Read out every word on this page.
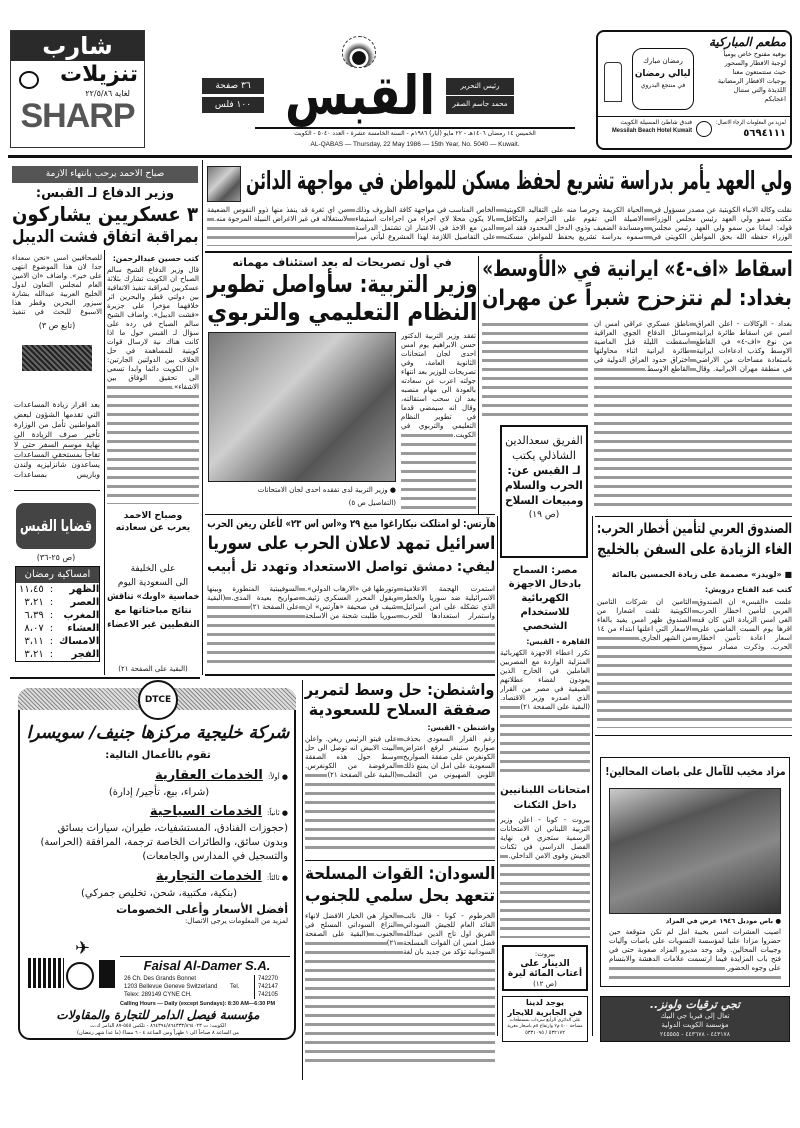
شارب
تنزيلات
لغاية ٢٢/٥/٨٦
SHARP
٣٦ صفحة
١٠٠ فلس القبس	رئيس التحرير
محمد جاسم الصقر
الخميس ١٤ رمضان ١٤٠٦هـ - ٢٢ مايو (أيار) ١٩٨٦م - السنة الخامسة عشرة - العدد ٥٠٤٠ - الكويت
AL-QABAS — Thursday, 22 May 1986 — 15th Year, No. 5040 — Kuwait.
مطعم المباركية
بوفيه مفتوح خاص يومياً
لوجبة الافطار والسحور
حيث ستتمتعون معنا
بوجبات الافطار الرمضانية
اللذيذة والتي ستنال
اعجابكم
رمضان مبارك
ليالي رمضان
في منتجع البدروي
لمزيد من المعلومات الرجاء الاتصال:
٥٦٩٤١١١
فندق شاطئ المسيلة الكويت
Messilah Beach Hotel Kuwait
ولي العهد يأمر بدراسة تشريع لحفظ مسكن للمواطن في مواجهة الدائن
نقلت وكالة الانباء الكويتية عن مصدر مسؤول في مكتب سمو ولي العهد رئيس مجلس الوزراء قوله: ايمانا من سمو ولي العهد رئيس مجلس الوزراء حفظه الله بحق المواطن الكويتي في الحياة الكريمة وحرصا منه على التقاليد الكويتية الاصيلة التي تقوم على التراحم والتكافل ومساندة الضعيف وذوي الدخل المحدود فقد امر سموه بدراسة تشريع يحفظ للمواطن مسكنه الخاص المناسب في مواجهة كافة الظروف وذلك بالا يكون محلا لاي اجراء من اجراءات استيفاء الدين مع الاخذ في الاعتبار ان تشتمل الدراسة على التفاصيل اللازمة لهذا المشروع ليأتي مبرأ من اي ثغرة قد ينفذ منها ذوو النفوس الضعيفة لاستغلاله في غير الاغراض النبيلة المرجوة منه.
صباح الاحمد يرحب بانتهاء الازمة
وزير الدفاع لـ القبس:
٣ عسكريين يشاركون
بمراقبة اتفاق فشت الديبل
كتب حسين عبدالرحمن:
قال وزير الدفاع الشيخ سالم الصباح ان الكويت تشارك بثلاثة عسكريين لمراقبة تنفيذ الاتفاقية بين دولتي قطر والبحرين اثر خلافهما مؤخرا على جزيرة «فشت الديبل». واضاف الشيخ سالم الصباح في رده على سؤال لـ القبس حول ما اذا كانت هناك نية لارسال قوات كويتية للمساهمة في حل الخلاف بين الدولتين الجارتين: «ان الكويت دائما وابدا تسعى الى تحقيق الوفاق بين الاشقاء».
للصحافيين امس «نحن سعداء جدا لان هذا الموضوع انتهى على خير». واضاف «ان الامين العام لمجلس التعاون لدول الخليج العربية عبدالله بشارة سيزور البحرين وقطر هذا الاسبوع للبحث في تنفيذ
(تابع ص ٣)
بعد اقرار زيادة المساعدات التي تقدمها الشؤون لبعض المواطنين تأمل من الوزارة تأخير صرف الزيادة الى نهاية موسم السفر حتى لا تفاجأ بمستحقي المساعدات يساعدون شانزليزيه ولندن وباريس بمساعدات
قضايا القبس
(ص ٢٥-٣٦)
امساكية رمضان
الظهر	:	١١،٤٥
العصر	:	٣،٢١
المغرب	:	٦،٣٩
العشاء	:	٨،٠٧
الامساك	:	٣،١١
الفجر	:	٣،٢١
وصباح الاحمد
يعرب عن سعادته
على الخليفة
الى السعودية اليوم
خماسية «اوبك» تناقش
نتائج مباحثاتها مع
النفطيين غير الاعضاء
(البقية على الصفحة ٢١)
في أول تصريحات له بعد استئناف مهماته
وزير التربية: سأواصل تطوير
النظام التعليمي والتربوي
تفقد وزير التربية الدكتور حسن الابراهيم يوم امس احدى لجان امتحانات الثانوية العامة، وفي تصريحات للوزير بعد انتهاء جولته اعرب عن سعادته بالعودة الى مهام منصبه بعد ان سحب استقالته، وقال انه سيمضي قدما في تطوير النظام التعليمي والتربوي في الكويت.
● وزير التربية لدى تفقده احدى لجان الامتحانات
(التفاصيل ص ٥)
اسقاط «اف-٤» ايرانية في «الأوسط»
بغداد: لم نتزحزح شبراً عن مهران
بغداد - الوكالات - اعلن العراق امس عن اسقاط طائرة ايرانية من نوع «اف-٤» في القاطع الاوسط وكذب ادعاءات ايرانية باستعادة مساحات من الاراضي في منطقة مهران الايرانية. وقال ناطق عسكري عراقي امس ان وسائل الدفاع الجوي العراقية اسقطت الليلة قبل الماضية طائرة ايرانية اثناء محاولتها اختراق حدود العراق الدولية في القاطع الاوسط.
الفريق سعدالدين
الشاذلي يكتب
لـ القبس عن:
الحرب والسلام
ومبيعات السلاح
(ص ١٩)
الصندوق العربي لتأمين أخطار الحرب:
الغاء الزيادة على السفن بالخليج
■ «لويدز» مصممة على زيادة الخمسين بالمائة
كتب عبد الفتاح درويش:
علمت «القبس» ان الصندوق العربي لتأمين اخطار الحرب الغى امس الزيادة التي كان قد اقرها يوم السبت الماضي على اسعار اعادة تأمين اخطار الحرب. وذكرت مصادر سوق التأمين ان شركات التأمين الكويتية تلقت اشعارا من الصندوق ظهر امس يفيد بالغاء الاسعار التي اعلنها ابتداء من ١٤ من الشهر الجاري.
هآرتس: لو امتلكت نيكاراغوا ميغ ٢٩ و«اس اس ٢٣» لأعلن ريغن الحرب
اسرائيل تمهد لاعلان الحرب على سوريا
ليفي: دمشق تواصل الاستعداد وتهدد تل أبيب
استمرت الهجمة الاعلامية الاسرائيلية ضد سوريا والخطر الذي تشكله على امن اسرائيل واستمرار استعدادها للحرب وتورطها في «الارهاب الدولي». ويقول المحرر العسكري زئيف شيف في صحيفة «هآرتس» ان سوريا طلبت شحنة من الاسلحة السوفييتية المتطورة وبينها صواريخ بعيدة المدى. (البقية على الصفحة ٢١)
مصر: السماح بادخال الاجهزة الكهربائية للاستخدام الشخصي
القاهرة - القبس:
تكرر اعطاء الاجهزة الكهربائية المنزلية الواردة مع المصريين العاملين في الخارج الذين يعودون لقضاء عطلاتهم الصيفية في مصر من القرار الذي اصدره وزير الاقتصاد. (البقية على الصفحة ٢١)
امتحانات اللبنانيين
داخل الثكنات
بيروت - كونا - اعلن وزير التربية اللبناني ان الامتحانات الرسمية ستجري في نهاية الفصل الدراسي في ثكنات الجيش وقوى الامن الداخلي.
بيروت:
الدينار على
أعتاب المائة ليرة
(ص ١٢)
يوجد لدينا
في الجابرية للايجار
على الدائري الرابع سرداب بمسطحات مساحة ٤٠٠ م٢ وارتفاع ٥م باسعار مغرية
٥٣٢١٧٢ / ٥٣٣١٠٩٥
واشنطن: حل وسط لتمرير
صفقة السلاح للسعودية
واشنطن - القبس:
رغم القرار السعودي بحذف صواريخ ستينغر لرفع اعتراض الكونغرس على صفقة الصواريخ السعودية على امل ان يمنع ذلك اللوبي الصهيوني من التغلب على فيتو الرئيس ريغن. واعلن البيت الابيض انه توصل الى حل وسط حول هذه الصفقة المرفوضة من الكونغرس. (البقية على الصفحة ٢١)
السودان: القوات المسلحة
تتعهد بحل سلمي للجنوب
الخرطوم - كونا - قال نائب القائد العام للجيش السوداني الفريق اول تاج الدين عبدالله فضل امس ان القوات المسلحة السودانية تؤكد من جديد بان لغة الحوار هي الخيار الافضل لانهاء النزاع السوداني المسلح في الجنوب. (البقية على الصفحة ٢١)
مزاد مخيب للآمال على باصات المحالين!
● باص موديل ١٩٤٦ عرض في المزاد
اصيب العشرات امس بخيبة امل لم تكن متوقعة حين حضروا مزادا علنيا لمؤسسة التسويات على باصات وآليات وجيبات المحالين. وقد وجد مديرو المزاد صعوبة حتى في فتح باب المزايدة فيما ارتسمت علامات الدهشة والابتسام على وجوه الحضور.
تجي ترقيات ولونز..
تعال إلى فيريا جي البيك
مؤسسة الكويت الدولية
٤٤٣١٧٨ - ٤٤٣٦٧٨ - ٢٤٥٥٥٥
DTCE
شركة خليجية مركزها جنيف/ سويسرا
تقوم بالأعمال التالية:
● أولاً: الخدمات العقارية
(شراء، بيع، تأجير/ إدارة)
● ثانياً: الخدمات السياحية
(حجوزات الفنادق، المستشفيات، طيران، سيارات بسائق وبدون سائق، والطائرات الخاصة ترجمة، المرافقة (الحراسة) والتسجيل في المدارس والجامعات)
● ثالثاً: الخدمات التجارية
(بنكية، مكتبية، شحن، تخليص جمركي)
أفضل الأسعار وأعلى الخصومات
لمزيد من المعلومات يرجى الاتصال:
✈
Faisal Al-Damer S.A.
26 Ch. Des Grands Bonnet
1203 Bellevue Geneve Switzerland
Telex: 289149 CYNE CH.
Tel.
742270
742147
742105
Calling Hours — Daily (except Sundays): 8:30 AM—6:30 PM
مؤسسة فيصل الدامر للتجارة والمقاولات
الكويت: ت ٨٦٤٣٩٤/٨٦٤٣٣٣/٨٦٤٠٢٣ - تلكس ٥٥٥-٨٧ الدامر ك.ت
من الساعة ٨ صباحاً الى ١ ظهراً ومن الساعة ٤ - ٦ مساءً (ما عدا شهر رمضان)
